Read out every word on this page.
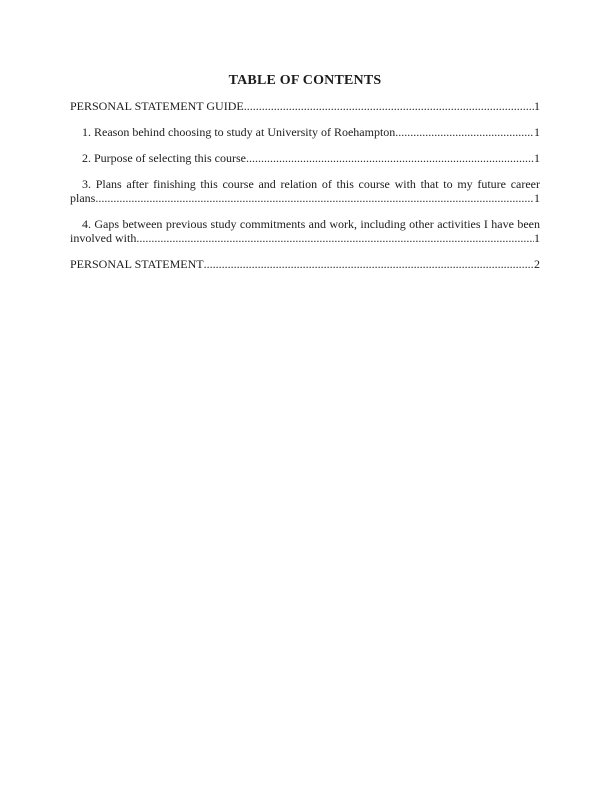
TABLE OF CONTENTS
PERSONAL STATEMENT GUIDE .....	1
1. Reason behind choosing to study at University of Roehampton .....	1
2. Purpose of selecting this course .....	1
3. Plans after finishing this course and relation of this course with that to my future career
plans .....	1
4. Gaps between previous study commitments and work, including other activities I have been
involved with .....	1
PERSONAL STATEMENT .....	2
